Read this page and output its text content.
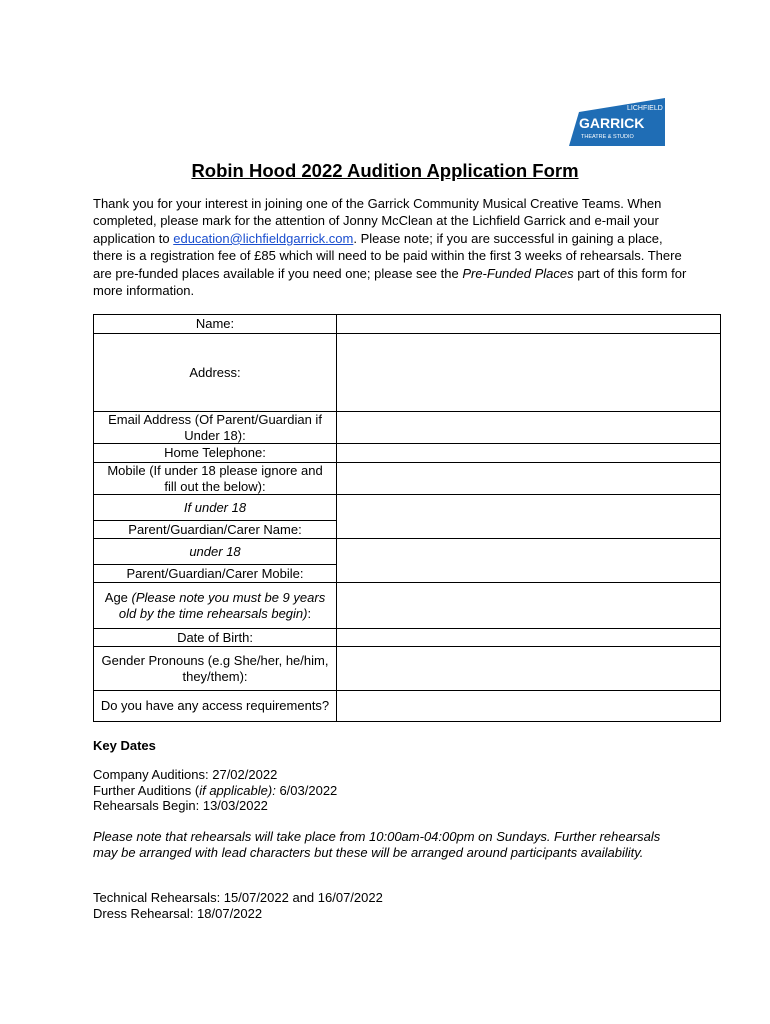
LICHFIELD
GARRICK
THEATRE & STUDIO
Robin Hood 2022 Audition Application Form

Thank you for your interest in joining one of the Garrick Community Musical Creative Teams. When completed, please mark for the attention of Jonny McClean at the Lichfield Garrick and e-mail your application to education@lichfieldgarrick.com. Please note; if you are successful in gaining a place, there is a registration fee of £85 which will need to be paid within the first 3 weeks of rehearsals. There are pre-funded places available if you need one; please see the Pre-Funded Places part of this form for more information.

Name:	
Address:	
Email Address (Of Parent/Guardian if Under 18):	
Home Telephone:	
Mobile (If under 18 please ignore and fill out the below):	
If under 18	
Parent/Guardian/Carer Name:	
under 18	
Parent/Guardian/Carer Mobile:	
Age (Please note you must be 9 years old by the time rehearsals begin):	
Date of Birth:	
Gender Pronouns (e.g She/her, he/him, they/them):	
Do you have any access requirements?	

Key Dates

Company Auditions: 27/02/2022

Further Auditions (if applicable): 6/03/2022

Rehearsals Begin: 13/03/2022

Please note that rehearsals will take place from 10:00am-04:00pm on Sundays. Further rehearsals may be arranged with lead characters but these will be arranged around participants availability.

Technical Rehearsals: 15/07/2022 and 16/07/2022

Dress Rehearsal: 18/07/2022
